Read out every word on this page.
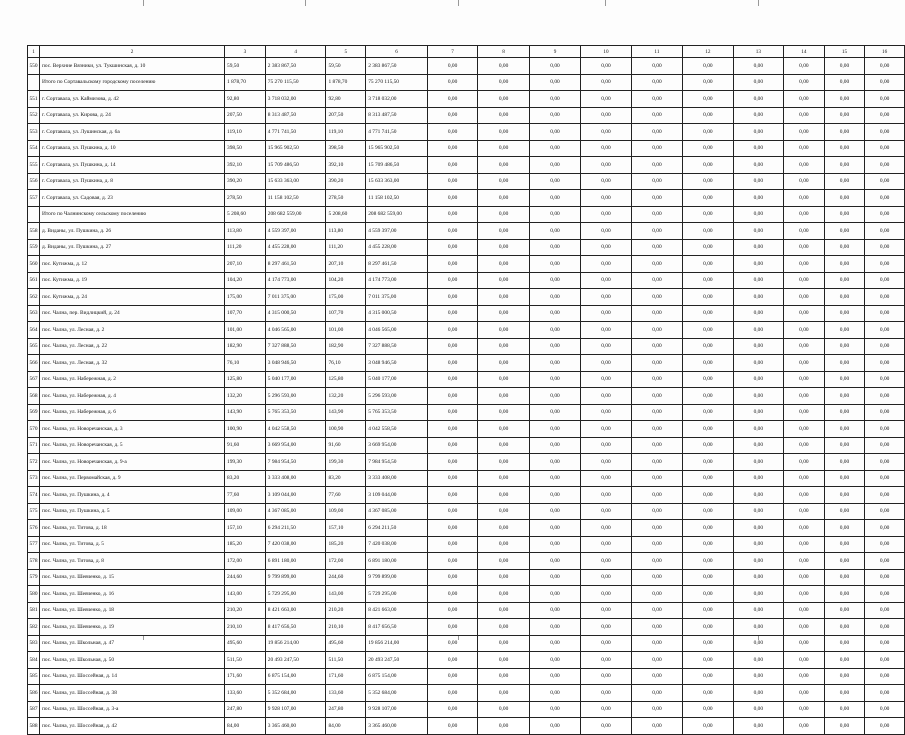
1	2	3	4	5	6	7	8	9	10	11	12	13	14	15	16
550	пос. Верхние Вязники, ул. Тукшинская, д. 10	59,50	2 383 867,50	59,50	2 383 867,50	0,00	0,00	0,00	0,00	0,00	0,00	0,00	0,00	0,00	0,00
	Итого по Сортавальскому городскому поселению	1 878,70	75 270 115,50	1 878,70	75 270 115,50	0,00	0,00	0,00	0,00	0,00	0,00	0,00	0,00	0,00	0,00
551	г. Сортавала, ул. Каймизова, д. 42	92,80	3 718 032,00	92,80	3 718 032,00	0,00	0,00	0,00	0,00	0,00	0,00	0,00	0,00	0,00	0,00
552	г. Сортавала, ул. Кирова, д. 24	207,50	8 313 487,50	207,50	8 313 487,50	0,00	0,00	0,00	0,00	0,00	0,00	0,00	0,00	0,00	0,00
553	г. Сортавала, ул. Лушинская, д. 6а	119,10	4 771 741,50	119,10	4 771 741,50	0,00	0,00	0,00	0,00	0,00	0,00	0,00	0,00	0,00	0,00
554	г. Сортавала, ул. Пушкина, д. 10	398,50	15 965 902,50	398,50	15 965 902,50	0,00	0,00	0,00	0,00	0,00	0,00	0,00	0,00	0,00	0,00
555	г. Сортавала, ул. Пушкина, д. 14	392,10	15 709 486,50	392,10	15 709 486,50	0,00	0,00	0,00	0,00	0,00	0,00	0,00	0,00	0,00	0,00
556	г. Сортавала, ул. Пушкина, д. 8	390,20	15 633 363,00	390,20	15 633 363,00	0,00	0,00	0,00	0,00	0,00	0,00	0,00	0,00	0,00	0,00
557	г. Сортавала, ул. Садовая, д. 23	278,50	11 158 102,50	278,50	11 158 102,50	0,00	0,00	0,00	0,00	0,00	0,00	0,00	0,00	0,00	0,00
	Итого по Чалнинскому сельскому поселению	5 208,60	208 682 559,00	5 208,60	208 682 559,00	0,00	0,00	0,00	0,00	0,00	0,00	0,00	0,00	0,00	0,00
558	д. Виданы, ул. Пушкина, д. 26	113,80	4 559 397,00	113,80	4 559 397,00	0,00	0,00	0,00	0,00	0,00	0,00	0,00	0,00	0,00	0,00
559	д. Виданы, ул. Пушкина, д. 27	111,20	4 455 228,00	111,20	4 455 228,00	0,00	0,00	0,00	0,00	0,00	0,00	0,00	0,00	0,00	0,00
560	пос. Кутижма, д. 12	207,10	8 297 461,50	207,10	8 297 461,50	0,00	0,00	0,00	0,00	0,00	0,00	0,00	0,00	0,00	0,00
561	пос. Кутижма, д. 19	104,20	4 174 773,00	104,20	4 174 773,00	0,00	0,00	0,00	0,00	0,00	0,00	0,00	0,00	0,00	0,00
562	пос. Кутижма, д. 24	175,00	7 011 375,00	175,00	7 011 375,00	0,00	0,00	0,00	0,00	0,00	0,00	0,00	0,00	0,00	0,00
563	пос. Чална, пер. Видлицкий, д. 24	107,70	4 315 000,50	107,70	4 315 000,50	0,00	0,00	0,00	0,00	0,00	0,00	0,00	0,00	0,00	0,00
564	пос. Чална, ул. Лесная, д. 2	101,00	4 046 565,00	101,00	4 046 565,00	0,00	0,00	0,00	0,00	0,00	0,00	0,00	0,00	0,00	0,00
565	пос. Чална, ул. Лесная, д. 22	182,90	7 327 888,50	182,90	7 327 888,50	0,00	0,00	0,00	0,00	0,00	0,00	0,00	0,00	0,00	0,00
566	пос. Чална, ул. Лесная, д. 32	76,10	3 048 946,50	76,10	3 048 946,50	0,00	0,00	0,00	0,00	0,00	0,00	0,00	0,00	0,00	0,00
567	пос. Чална, ул. Набережная, д. 2	125,80	5 040 177,00	125,80	5 040 177,00	0,00	0,00	0,00	0,00	0,00	0,00	0,00	0,00	0,00	0,00
568	пос. Чална, ул. Набережная, д. 4	132,20	5 296 593,00	132,20	5 296 593,00	0,00	0,00	0,00	0,00	0,00	0,00	0,00	0,00	0,00	0,00
569	пос. Чална, ул. Набережная, д. 6	143,90	5 765 353,50	143,90	5 765 353,50	0,00	0,00	0,00	0,00	0,00	0,00	0,00	0,00	0,00	0,00
570	пос. Чална, ул. Новоречанская, д. 3	100,90	4 042 558,50	100,90	4 042 558,50	0,00	0,00	0,00	0,00	0,00	0,00	0,00	0,00	0,00	0,00
571	пос. Чална, ул. Новоречанская, д. 5	91,60	3 669 954,00	91,60	3 669 954,00	0,00	0,00	0,00	0,00	0,00	0,00	0,00	0,00	0,00	0,00
572	пос. Чална, ул. Новоречанская, д. 9-а	199,30	7 984 954,50	199,30	7 984 954,50	0,00	0,00	0,00	0,00	0,00	0,00	0,00	0,00	0,00	0,00
573	пос. Чална, ул. Первомайская, д. 9	83,20	3 333 408,00	83,20	3 333 408,00	0,00	0,00	0,00	0,00	0,00	0,00	0,00	0,00	0,00	0,00
574	пос. Чална, ул. Пушкина, д. 4	77,60	3 109 044,00	77,60	3 109 044,00	0,00	0,00	0,00	0,00	0,00	0,00	0,00	0,00	0,00	0,00
575	пос. Чална, ул. Пушкина, д. 5	109,00	4 367 085,00	109,00	4 367 085,00	0,00	0,00	0,00	0,00	0,00	0,00	0,00	0,00	0,00	0,00
576	пос. Чална, ул. Титова, д. 18	157,10	6 294 211,50	157,10	6 294 211,50	0,00	0,00	0,00	0,00	0,00	0,00	0,00	0,00	0,00	0,00
577	пос. Чална, ул. Титова, д. 5	185,20	7 420 038,00	185,20	7 420 038,00	0,00	0,00	0,00	0,00	0,00	0,00	0,00	0,00	0,00	0,00
578	пос. Чална, ул. Титова, д. 8	172,00	6 891 180,00	172,00	6 891 180,00	0,00	0,00	0,00	0,00	0,00	0,00	0,00	0,00	0,00	0,00
579	пос. Чална, ул. Шевченко, д. 15	244,60	9 799 899,00	244,60	9 799 899,00	0,00	0,00	0,00	0,00	0,00	0,00	0,00	0,00	0,00	0,00
580	пос. Чална, ул. Шевченко, д. 16	143,00	5 729 295,00	143,00	5 729 295,00	0,00	0,00	0,00	0,00	0,00	0,00	0,00	0,00	0,00	0,00
581	пос. Чална, ул. Шевченко, д. 18	210,20	8 421 663,00	210,20	8 421 663,00	0,00	0,00	0,00	0,00	0,00	0,00	0,00	0,00	0,00	0,00
582	пос. Чална, ул. Шевченко, д. 19	210,10	8 417 656,50	210,10	8 417 656,50	0,00	0,00	0,00	0,00	0,00	0,00	0,00	0,00	0,00	0,00
583	пос. Чална, ул. Школьная, д. 47	495,60	19 856 214,00	495,60	19 856 214,00	0,00	0,00	0,00	0,00	0,00	0,00	0,00	0,00	0,00	0,00
584	пос. Чална, ул. Школьная, д. 50	511,50	20 493 247,50	511,50	20 493 247,50	0,00	0,00	0,00	0,00	0,00	0,00	0,00	0,00	0,00	0,00
585	пос. Чална, ул. Шоссейная, д. 14	171,60	6 875 154,00	171,60	6 875 154,00	0,00	0,00	0,00	0,00	0,00	0,00	0,00	0,00	0,00	0,00
586	пос. Чална, ул. Шоссейная, д. 38	133,60	5 352 684,00	133,60	5 352 684,00	0,00	0,00	0,00	0,00	0,00	0,00	0,00	0,00	0,00	0,00
587	пос. Чална, ул. Шоссейная, д. 3-а	247,80	9 928 107,00	247,80	9 928 107,00	0,00	0,00	0,00	0,00	0,00	0,00	0,00	0,00	0,00	0,00
588	пос. Чална, ул. Шоссейная, д. 42	84,00	3 365 460,00	84,00	3 365 460,00	0,00	0,00	0,00	0,00	0,00	0,00	0,00	0,00	0,00	0,00
